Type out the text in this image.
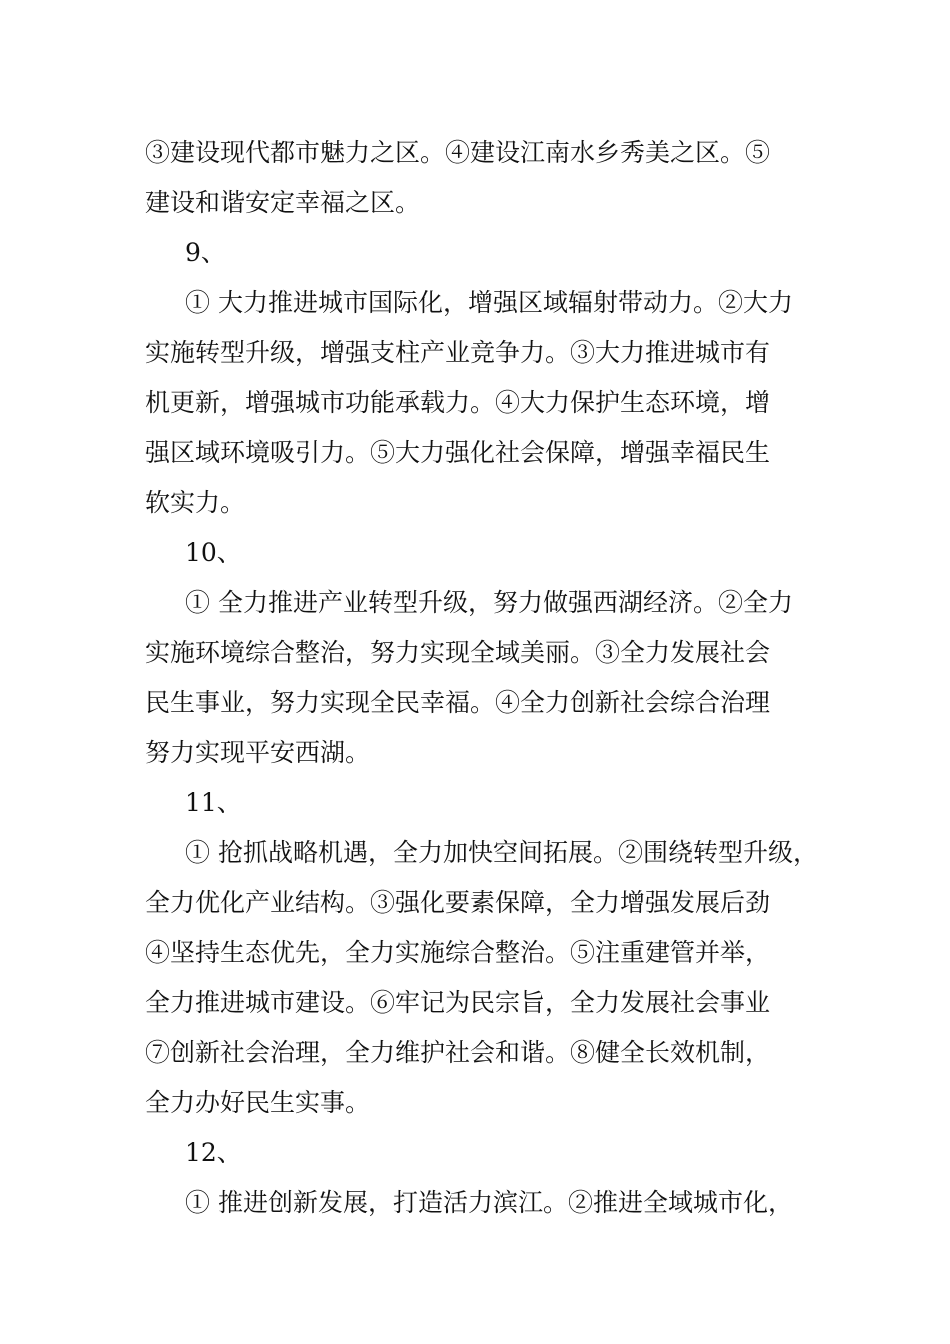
③建设现代都市魅力之区。④建设江南水乡秀美之区。⑤
建设和谐安定幸福之区。
9、
① 大力推进城市国际化，增强区域辐射带动力。②大力
实施转型升级，增强支柱产业竞争力。③大力推进城市有
机更新，增强城市功能承载力。④大力保护生态环境，增
强区域环境吸引力。⑤大力强化社会保障，增强幸福民生
软实力。
10、
① 全力推进产业转型升级，努力做强西湖经济。②全力
实施环境综合整治，努力实现全域美丽。③全力发展社会
民生事业，努力实现全民幸福。④全力创新社会综合治理
努力实现平安西湖。
11、
① 抢抓战略机遇，全力加快空间拓展。②围绕转型升级，
全力优化产业结构。③强化要素保障，全力增强发展后劲
④坚持生态优先，全力实施综合整治。⑤注重建管并举，
全力推进城市建设。⑥牢记为民宗旨，全力发展社会事业
⑦创新社会治理，全力维护社会和谐。⑧健全长效机制，
全力办好民生实事。
12、
① 推进创新发展，打造活力滨江。②推进全域城市化，
